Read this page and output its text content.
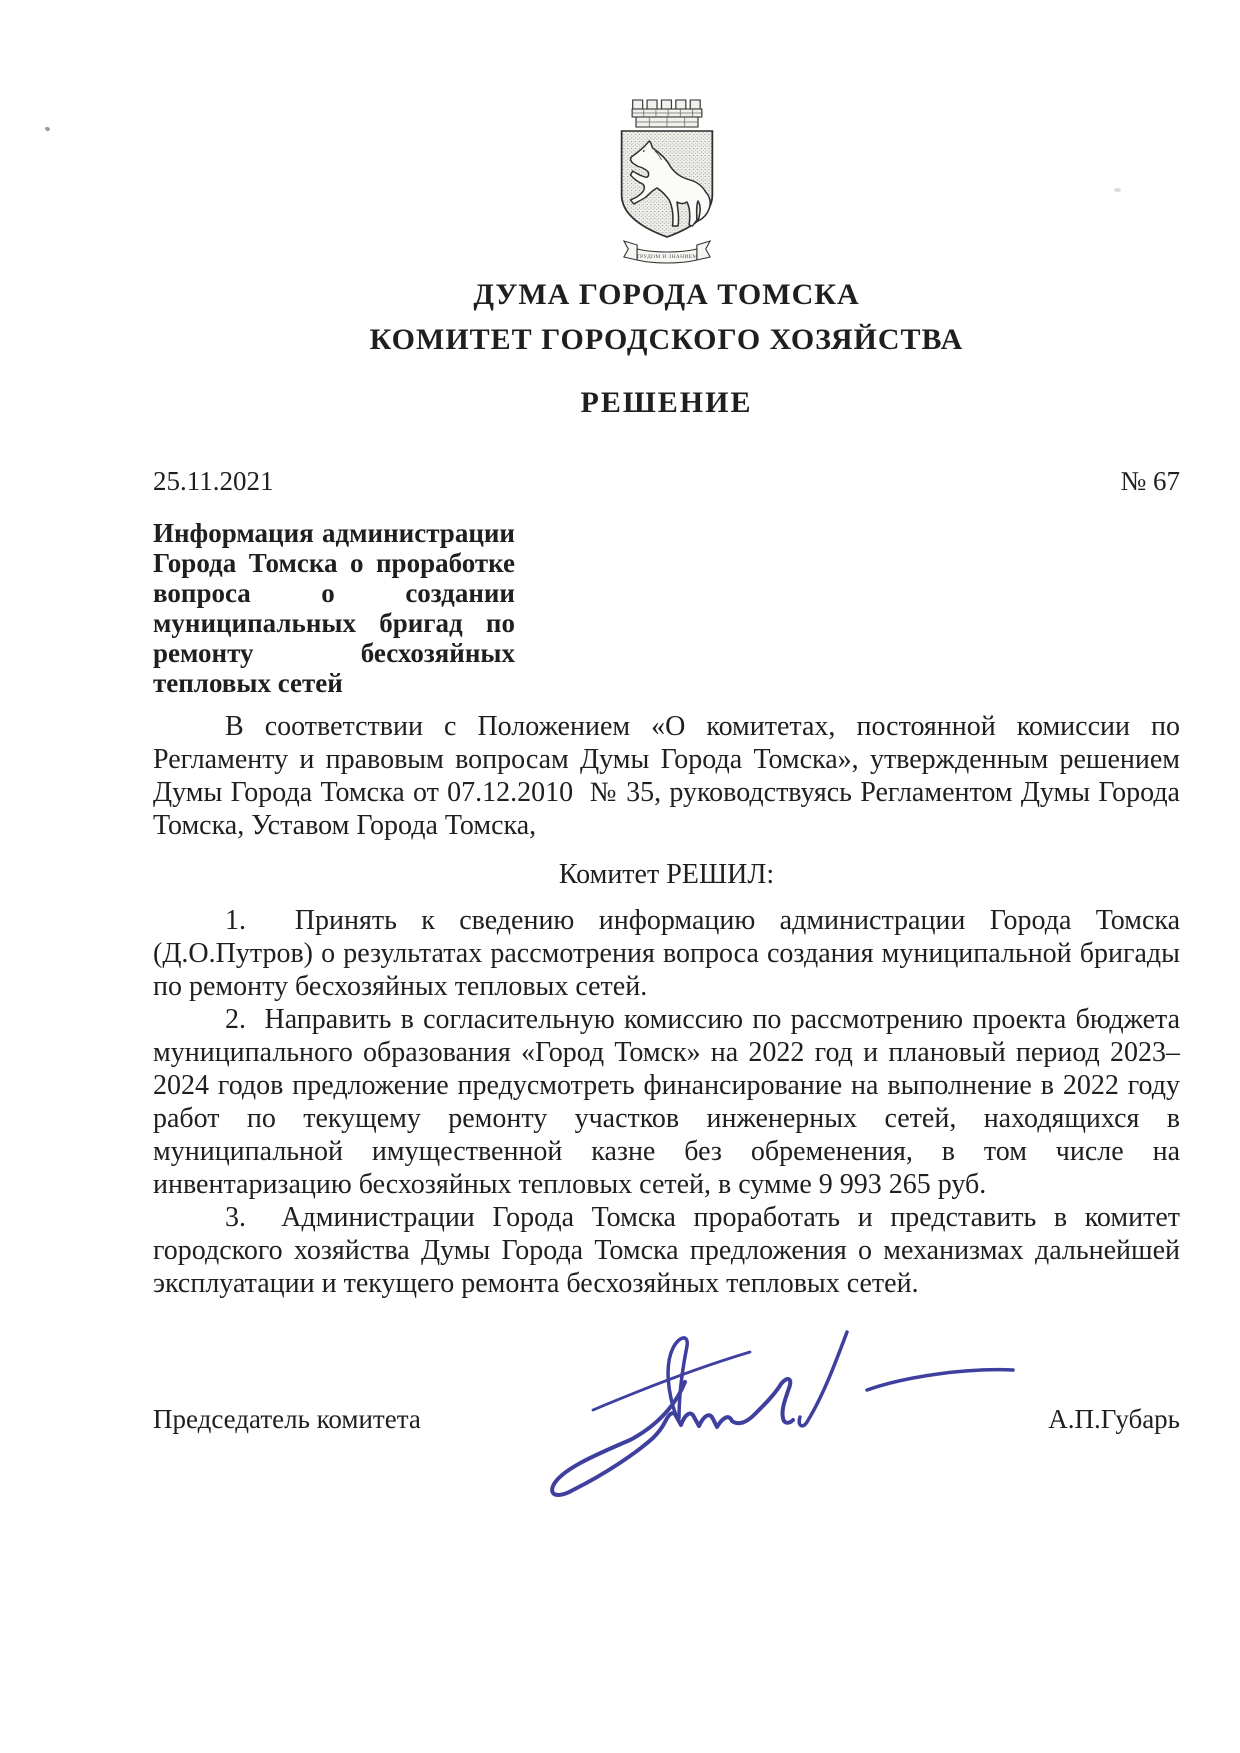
ТРУДОМ И ЗНАНИЕМ
ДУМА ГОРОДА ТОМСКА
КОМИТЕТ ГОРОДСКОГО ХОЗЯЙСТВА
РЕШЕНИЕ
25.11.2021	№ 67
Информация администрации
Города Томска о проработке
вопроса о создании
муниципальных бригад по
ремонту бесхозяйных
тепловых сетей

В соответствии с Положением «О комитетах, постоянной комиссии по Регламенту и правовым вопросам Думы Города Томска», утвержденным решением Думы Города Томска от 07.12.2010  № 35, руководствуясь Регламентом Думы Города Томска, Уставом Города Томска,

Комитет РЕШИЛ:

1.  Принять к сведению информацию администрации Города Томска (Д.О.Путров) о результатах рассмотрения вопроса создания муниципальной бригады по ремонту бесхозяйных тепловых сетей.

2.  Направить в согласительную комиссию по рассмотрению проекта бюджета муниципального образования «Город Томск» на 2022 год и плановый период 2023–2024 годов предложение предусмотреть финансирование на выполнение в 2022 году работ по текущему ремонту участков инженерных сетей, находящихся в муниципальной имущественной казне без обременения, в том числе на инвентаризацию бесхозяйных тепловых сетей, в сумме 9 993 265 руб.

3.  Администрации Города Томска проработать и представить в комитет городского хозяйства Думы Города Томска предложения о механизмах дальнейшей эксплуатации и текущего ремонта бесхозяйных тепловых сетей.

Председатель комитета	А.П.Губарь
